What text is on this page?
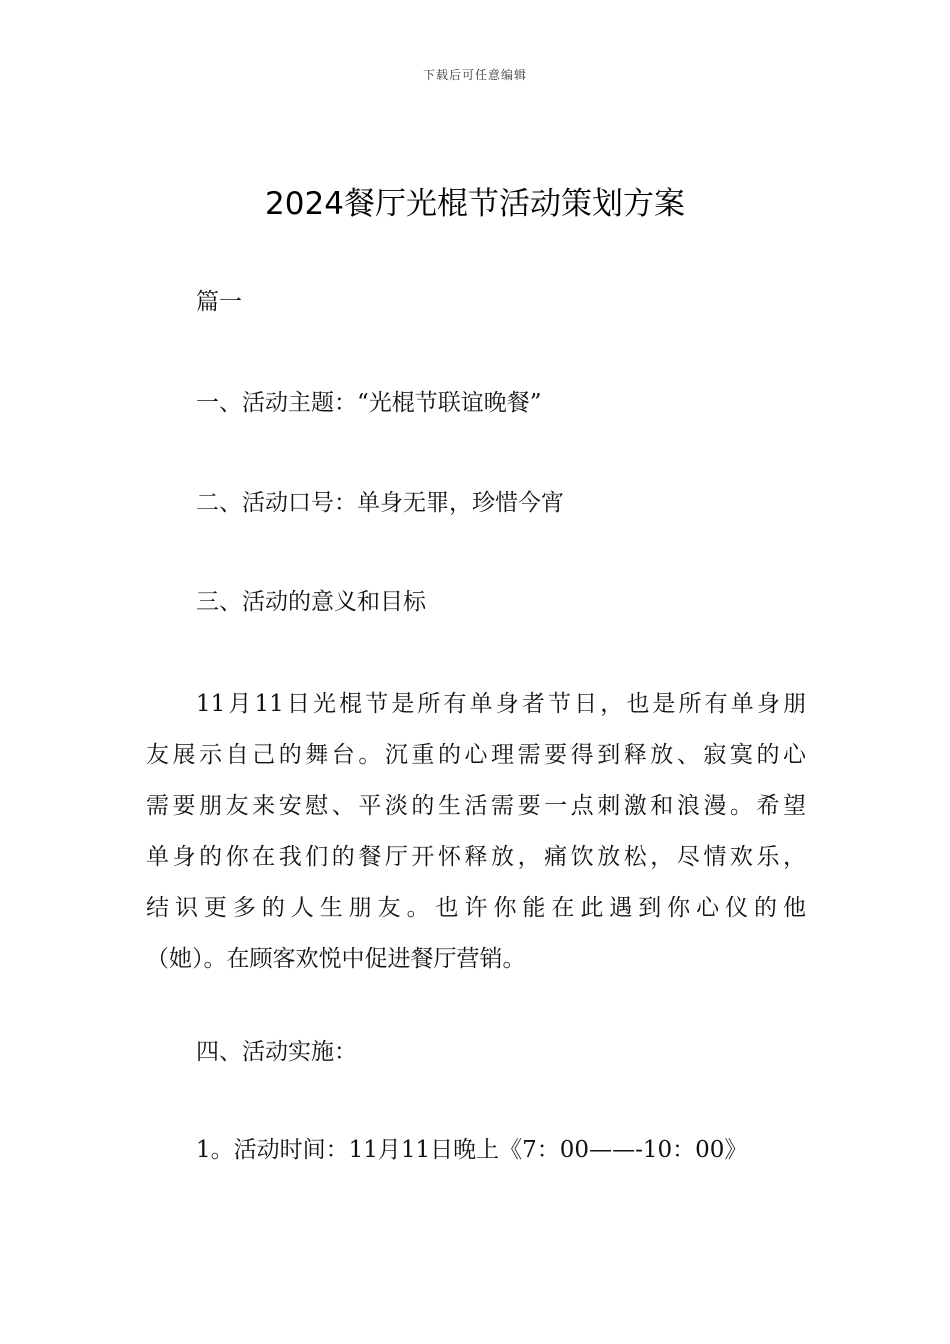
下载后可任意编辑
2024餐厅光棍节活动策划方案
篇一
一、活动主题：“光棍节联谊晚餐”
二、活动口号：单身无罪，珍惜今宵
三、活动的意义和目标
11月11日光棍节是所有单身者节日，也是所有单身朋
友展示自己的舞台。沉重的心理需要得到释放、寂寞的心
需要朋友来安慰、平淡的生活需要一点刺激和浪漫。希望
单身的你在我们的餐厅开怀释放，痛饮放松，尽情欢乐，
结识更多的人生朋友。也许你能在此遇到你心仪的他
（她）。在顾客欢悦中促进餐厅营销。
四、活动实施：
1。活动时间：11月11日晚上《7：00——-10：00》
